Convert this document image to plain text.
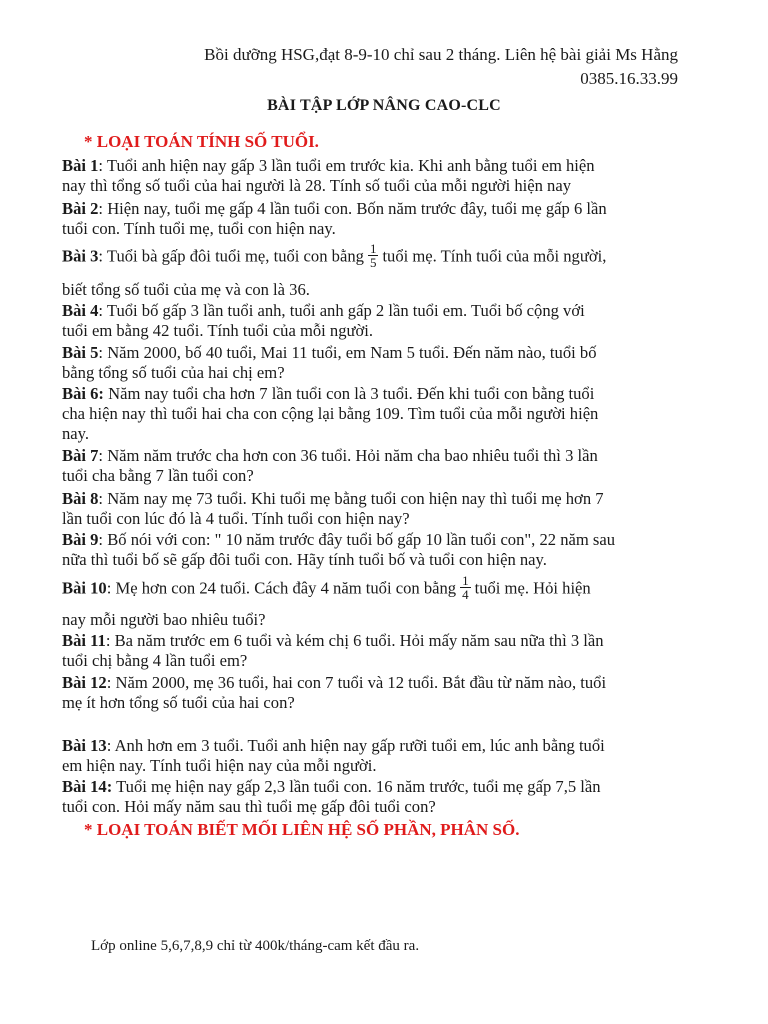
Bồi dưỡng HSG,đạt 8-9-10 chỉ sau 2 tháng. Liên hệ bài giải Ms Hằng
0385.16.33.99
BÀI TẬP LỚP NÂNG CAO-CLC
* LOẠI TOÁN TÍNH SỐ TUỔI.
Bài 1: Tuổi anh hiện nay gấp 3 lần tuổi em trước kia. Khi anh bằng tuổi em hiện
nay thì tổng số tuổi của hai người là 28. Tính số tuổi của mỗi người hiện nay
Bài 2: Hiện nay, tuổi mẹ gấp 4 lần tuổi con. Bốn năm trước đây, tuổi mẹ gấp 6 lần
tuổi con. Tính tuổi mẹ, tuổi con hiện nay.
Bài 3: Tuổi bà gấp đôi tuổi mẹ, tuổi con bằng $\frac{1}{5}$ tuổi mẹ. Tính tuổi của mỗi người,
biết tổng số tuổi của mẹ và con là 36.
Bài 4: Tuổi bố gấp 3 lần tuổi anh, tuổi anh gấp 2 lần tuổi em. Tuổi bố cộng với
tuổi em bằng 42 tuổi. Tính tuổi của mỗi người.
Bài 5: Năm 2000, bố 40 tuổi, Mai 11 tuổi, em Nam 5 tuổi. Đến năm nào, tuổi bố
bằng tổng số tuổi của hai chị em?
Bài 6: Năm nay tuổi cha hơn 7 lần tuổi con là 3 tuổi. Đến khi tuổi con bằng tuổi
cha hiện nay thì tuổi hai cha con cộng lại bằng 109. Tìm tuổi của mỗi người hiện
nay.
Bài 7: Năm năm trước cha hơn con 36 tuổi. Hỏi năm cha bao nhiêu tuổi thì 3 lần
tuổi cha bằng 7 lần tuổi con?
Bài 8: Năm nay mẹ 73 tuổi. Khi tuổi mẹ bằng tuổi con hiện nay thì tuổi mẹ hơn 7
lần tuổi con lúc đó là 4 tuổi. Tính tuổi con hiện nay?
Bài 9: Bố nói với con: " 10 năm trước đây tuổi bố gấp 10 lần tuổi con", 22 năm sau
nữa thì tuổi bố sẽ gấp đôi tuổi con. Hãy tính tuổi bố và tuổi con hiện nay.
Bài 10: Mẹ hơn con 24 tuổi. Cách đây 4 năm tuổi con bằng $\frac{1}{4}$ tuổi mẹ. Hỏi hiện
nay mỗi người bao nhiêu tuổi?
Bài 11: Ba năm trước em 6 tuổi và kém chị 6 tuổi. Hỏi mấy năm sau nữa thì 3 lần
tuổi chị bằng 4 lần tuổi em?
Bài 12: Năm 2000, mẹ 36 tuổi, hai con 7 tuổi và 12 tuổi. Bắt đầu từ năm nào, tuổi
mẹ ít hơn tổng số tuổi của hai con?
Bài 13: Anh hơn em 3 tuổi. Tuổi anh hiện nay gấp rưỡi tuổi em, lúc anh bằng tuổi
em hiện nay. Tính tuổi hiện nay của mỗi người.
Bài 14: Tuổi mẹ hiện nay gấp 2,3 lần tuổi con. 16 năm trước, tuổi mẹ gấp 7,5 lần
tuổi con. Hỏi mấy năm sau thì tuổi mẹ gấp đôi tuổi con?
* LOẠI TOÁN BIẾT MỐI LIÊN HỆ SỐ PHẦN, PHÂN SỐ.
Lớp online 5,6,7,8,9 chỉ từ 400k/tháng-cam kết đầu ra.
